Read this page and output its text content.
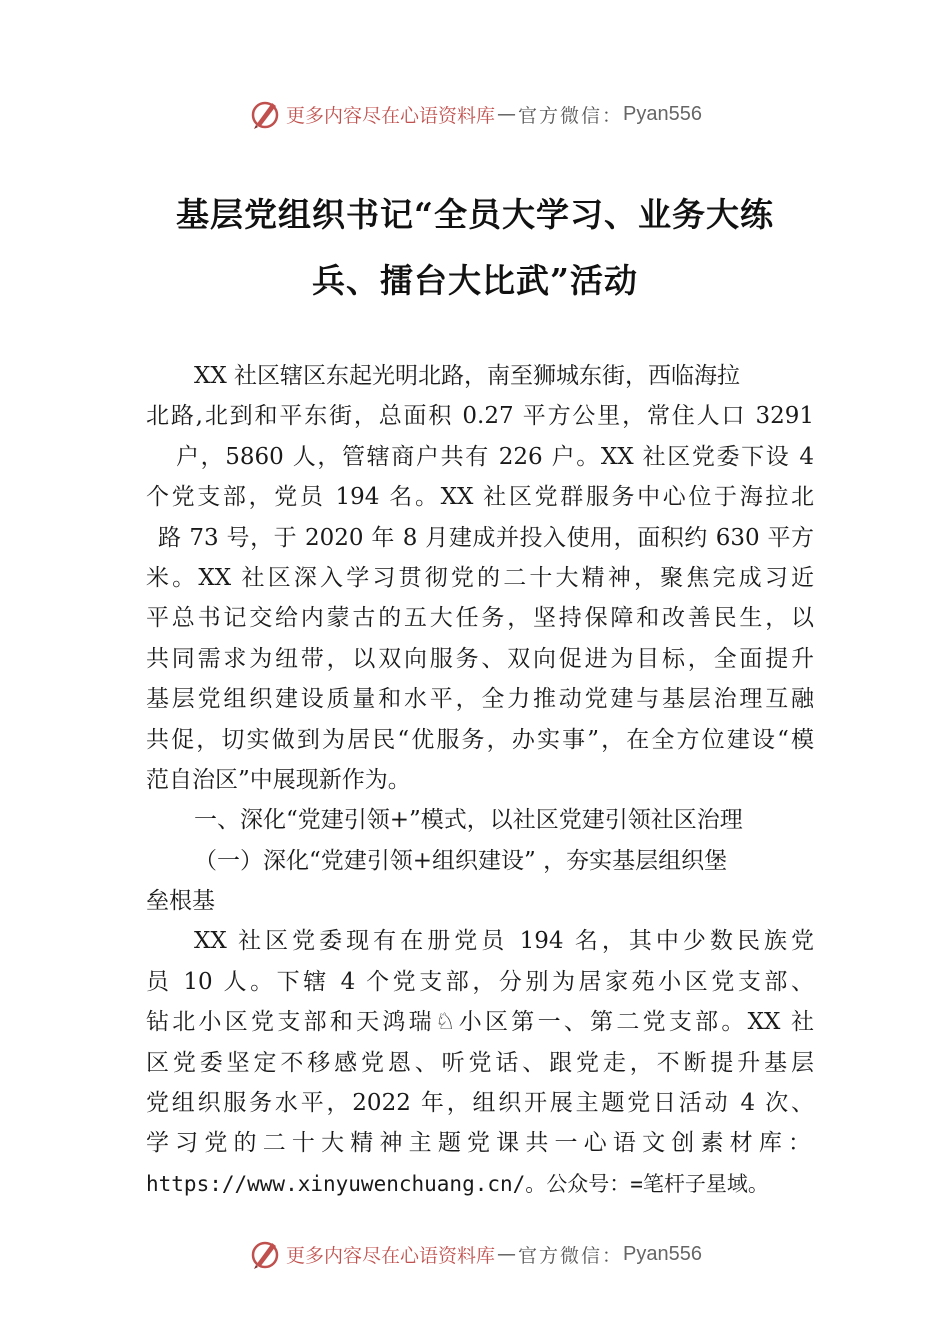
更多内容尽在心语资料库 — 官方微信： Pyan556
基层党组织书记“全员大学习、业务大练
兵、擂台大比武”活动
XX 社区辖区东起光明北路，南至狮城东街，西临海拉
北路,北到和平东街，总面积 0.27 平方公里，常住人口 3291
户，5860 人，管辖商户共有 226 户。XX 社区党委下设 4
个党支部，党员 194 名。XX 社区党群服务中心位于海拉北
路 73 号，于 2020 年 8 月建成并投入使用，面积约 630 平方
米。XX 社区深入学习贯彻党的二十大精神，聚焦完成习近
平总书记交给内蒙古的五大任务，坚持保障和改善民生，以
共同需求为纽带，以双向服务、双向促进为目标，全面提升
基层党组织建设质量和水平，全力推动党建与基层治理互融
共促，切实做到为居民“优服务，办实事”，在全方位建设“模
范自治区”中展现新作为。
一、深化“党建引领+”模式，以社区党建引领社区治理
（一）深化“党建引领+组织建设” ，夯实基层组织堡
垒根基
XX 社区党委现有在册党员 194 名，其中少数民族党
员 10 人。下辖 4 个党支部，分别为居家苑小区党支部、
钻北小区党支部和天鸿瑞♘小区第一、第二党支部。XX 社
区党委坚定不移感党恩、听党话、跟党走，不断提升基层
党组织服务水平，2022 年，组织开展主题党日活动 4 次、
学习党的二十大精神主题党课共一心语文创素材库：
https://www.xinyuwenchuang.cn/。公众号：=笔杆子星域。
更多内容尽在心语资料库 — 官方微信： Pyan556
